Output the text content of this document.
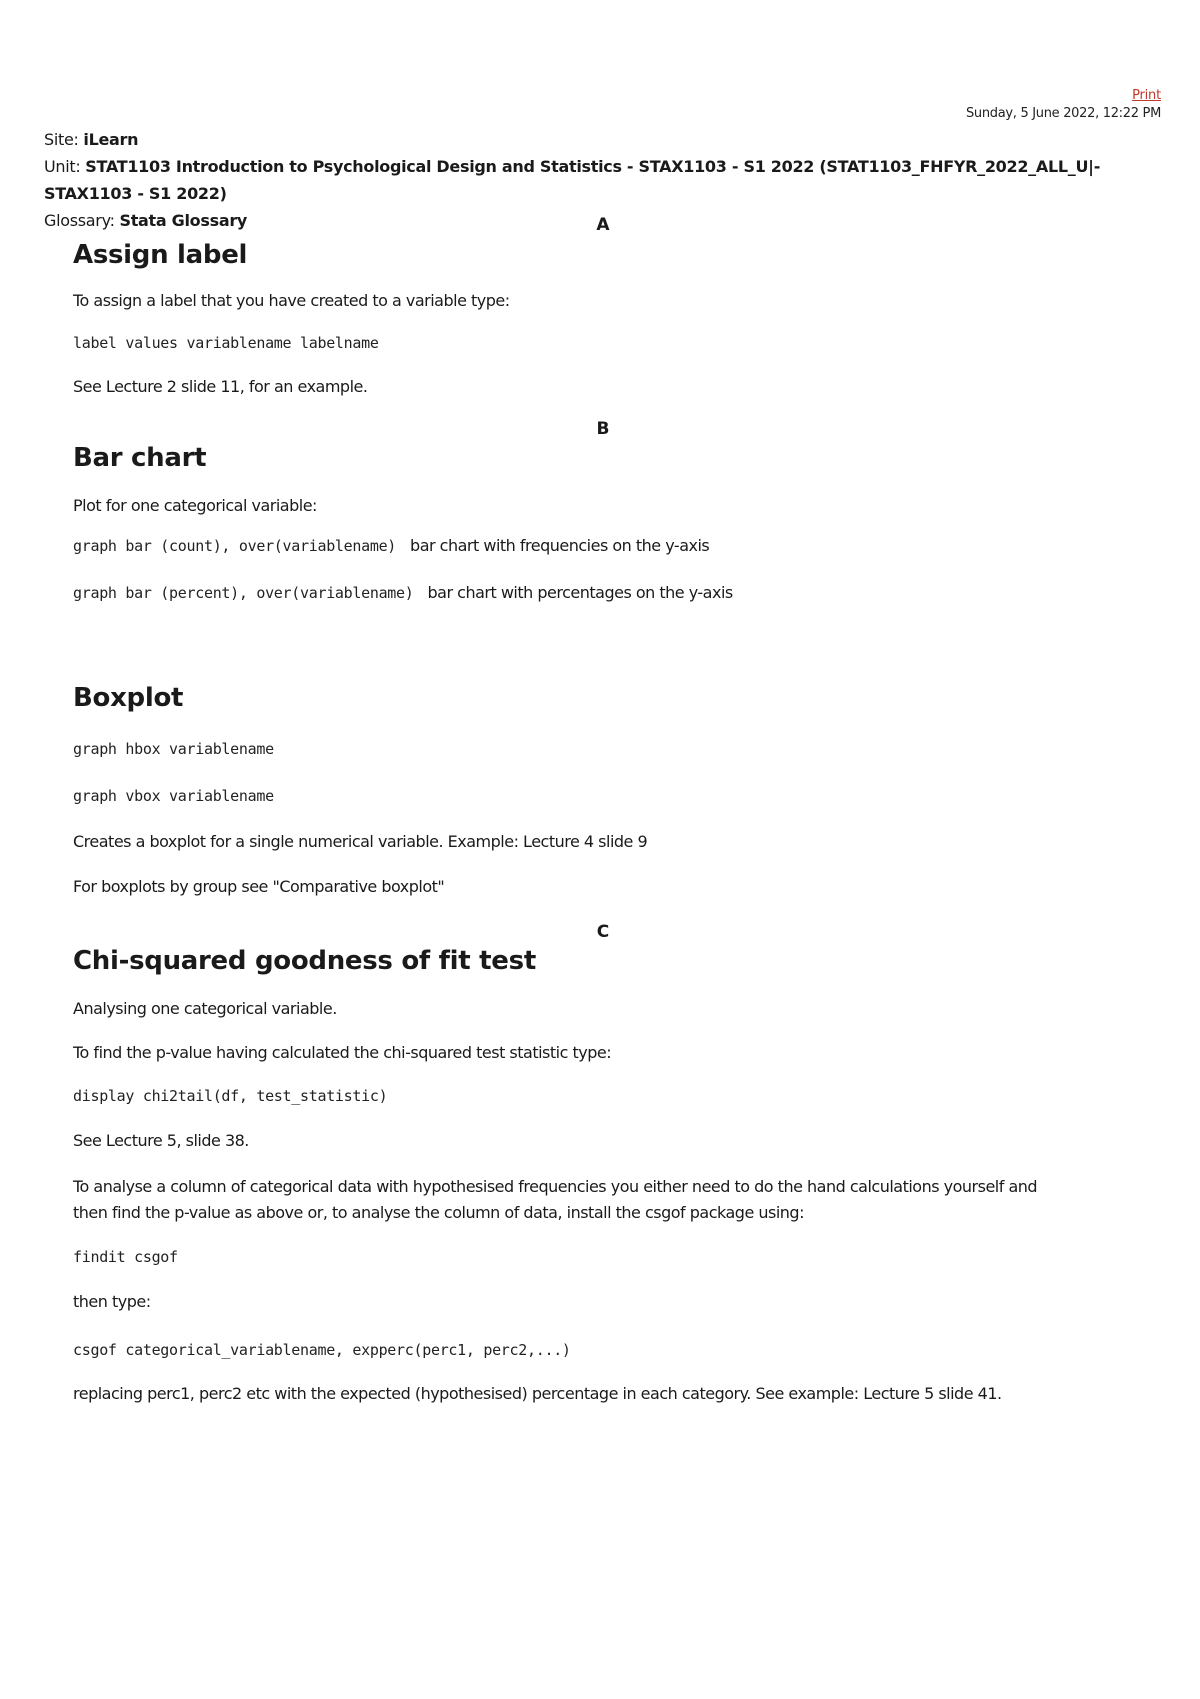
Print
Sunday, 5 June 2022, 12:22 PM
Site: iLearn
Unit: STAT1103 Introduction to Psychological Design and Statistics - STAX1103 - S1 2022 (STAT1103_FHFYR_2022_ALL_U|-
STAX1103 - S1 2022)
Glossary: Stata Glossary	A
Assign label

To assign a label that you have created to a variable type:

label values variablename labelname

See Lecture 2 slide 11, for an example.

B
Bar chart

Plot for one categorical variable:

graph bar (count), over(variablename) bar chart with frequencies on the y-axis
graph bar (percent), over(variablename) bar chart with percentages on the y-axis
Boxplot
graph hbox variablename
graph vbox variablename

Creates a boxplot for a single numerical variable. Example: Lecture 4 slide 9

For boxplots by group see "Comparative boxplot"

C
Chi-squared goodness of fit test

Analysing one categorical variable.

To find the p-value having calculated the chi-squared test statistic type:

display chi2tail(df, test_statistic)

See Lecture 5, slide 38.

To analyse a column of categorical data with hypothesised frequencies you either need to do the hand calculations yourself and
then find the p-value as above or, to analyse the column of data, install the csgof package using:

findit csgof

then type:

csgof categorical_variablename, expperc(perc1, perc2,...)

replacing perc1, perc2 etc with the expected (hypothesised) percentage in each category. See example: Lecture 5 slide 41.
